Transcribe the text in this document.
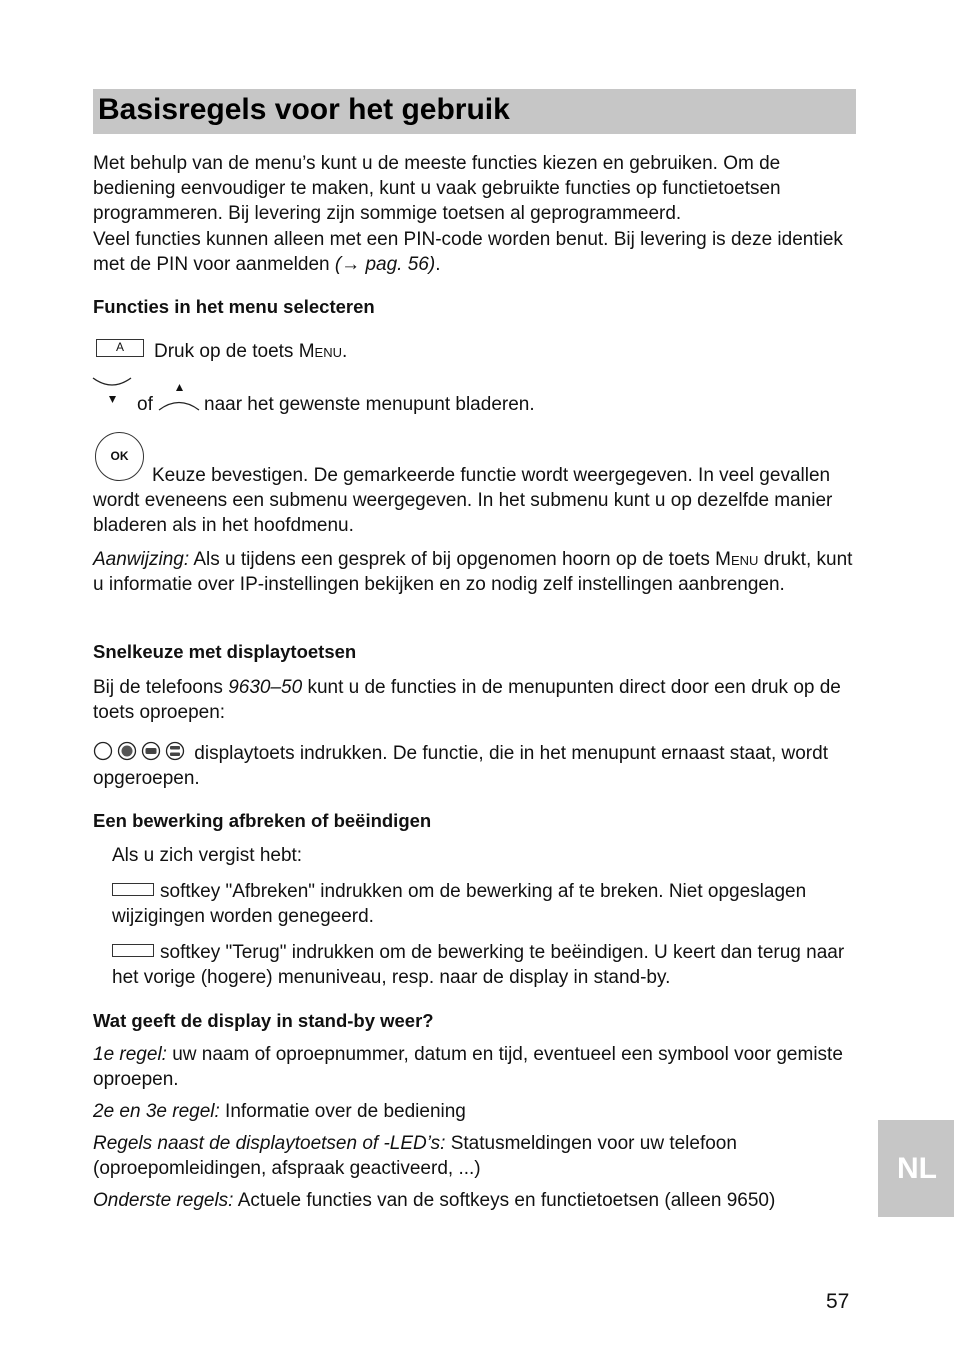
Basisregels voor het gebruik

Met behulp van de menu’s kunt u de meeste functies kiezen en gebruiken. Om de bediening eenvoudiger te maken, kunt u vaak gebruikte functies op functietoetsen programmeren. Bij levering zijn sommige toetsen al geprogrammeerd.

Veel functies kunnen alleen met een PIN-code worden benut. Bij levering is deze identiek met de PIN voor aanmelden (→ pag. 56).

Functies in het menu selecteren
A	Druk op de toets Menu.

of	naar het gewenste menupunt bladeren.
OK

Keuze bevestigen. De gemarkeerde functie wordt weergegeven. In veel gevallen wordt eveneens een submenu weergegeven. In het submenu kunt u op dezelfde manier bladeren als in het hoofdmenu.

Aanwijzing: Als u tijdens een gesprek of bij opgenomen hoorn op de toets Menu drukt, kunt u informatie over IP-instellingen bekijken en zo nodig zelf instellingen aanbrengen.

Snelkeuze met displaytoetsen

Bij de telefoons 9630–50 kunt u de functies in de menupunten direct door een druk op de toets oproepen:

displaytoets indrukken. De functie, die in het menupunt ernaast staat, wordt opgeroepen.

Een bewerking afbreken of beëindigen

Als u zich vergist hebt:

softkey "Afbreken" indrukken om de bewerking af te breken. Niet opgeslagen wijzigingen worden genegeerd.

softkey "Terug" indrukken om de bewerking te beëindigen. U keert dan terug naar het vorige (hogere) menuniveau, resp. naar de display in stand-by.

Wat geeft de display in stand-by weer?

1e regel: uw naam of oproepnummer, datum en tijd, eventueel een symbool voor gemiste oproepen.

2e en 3e regel: Informatie over de bediening

Regels naast de displaytoetsen of -LED’s: Statusmeldingen voor uw telefoon (oproepomleidingen, afspraak geactiveerd, ...)

Onderste regels: Actuele functies van de softkeys en functietoetsen (alleen 9650)

NL
57
